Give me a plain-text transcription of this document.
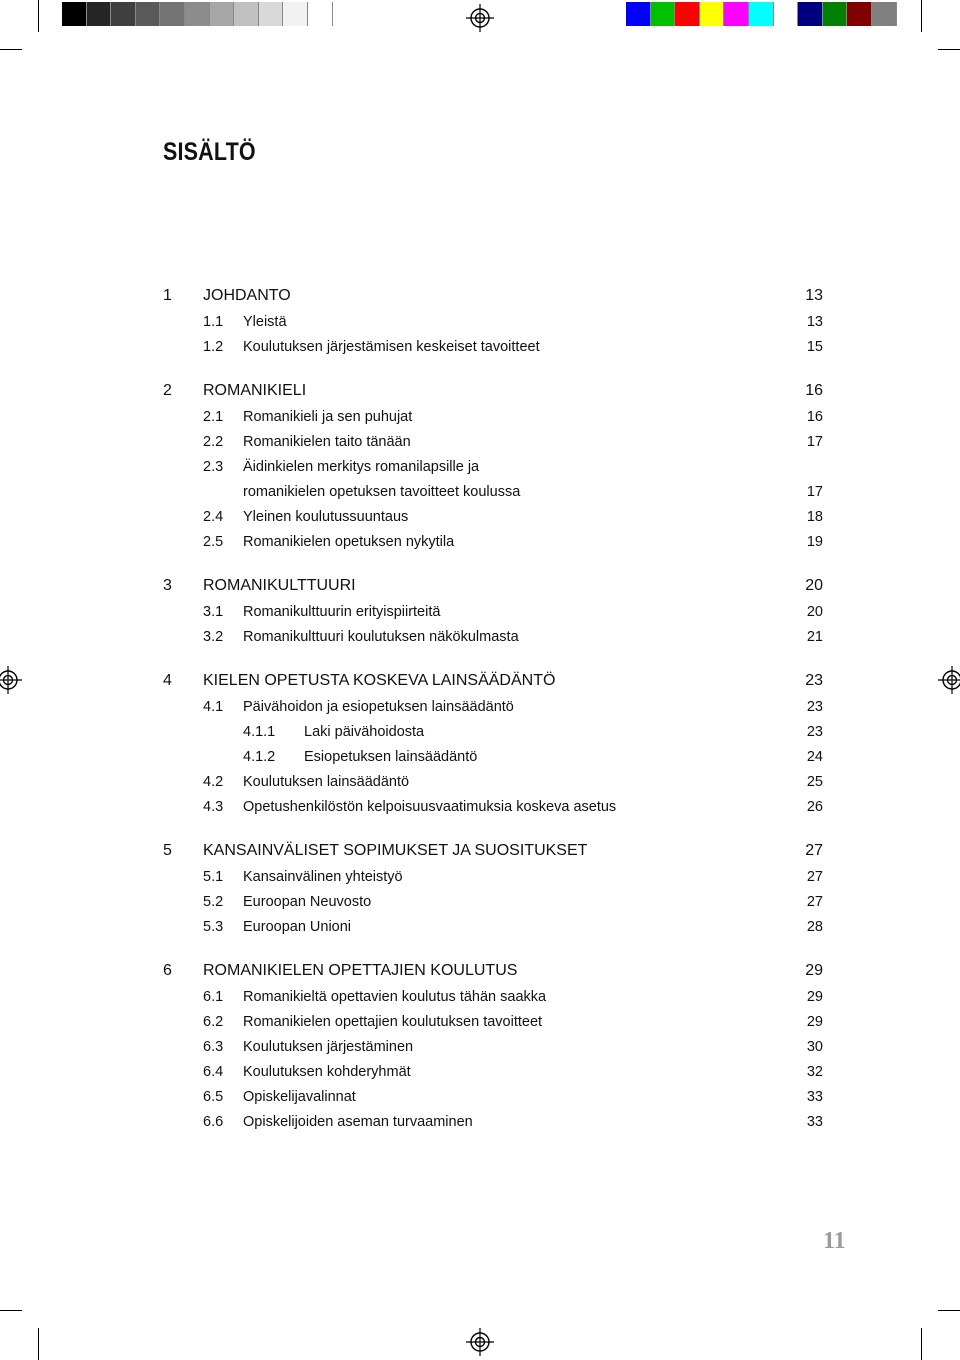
SISÄLTÖ
1 JOHDANTO	13
1.1 Yleistä	13
1.2 Koulutuksen järjestämisen keskeiset tavoitteet	15
2 ROMANIKIELI	16
2.1 Romanikieli ja sen puhujat	16
2.2 Romanikielen taito tänään	17
2.3 Äidinkielen merkitys romanilapsille ja
romanikielen opetuksen tavoitteet koulussa	17
2.4 Yleinen koulutussuuntaus	18
2.5 Romanikielen opetuksen nykytila	19
3 ROMANIKULTTUURI	20
3.1 Romanikulttuurin erityispiirteitä	20
3.2 Romanikulttuuri koulutuksen näkökulmasta	21
4 KIELEN OPETUSTA KOSKEVA LAINSÄÄDÄNTÖ	23
4.1 Päivähoidon ja esiopetuksen lainsäädäntö	23
4.1.1 Laki päivähoidosta	23
4.1.2 Esiopetuksen lainsäädäntö	24
4.2 Koulutuksen lainsäädäntö	25
4.3 Opetushenkilöstön kelpoisuusvaatimuksia koskeva asetus	26
5 KANSAINVÄLISET SOPIMUKSET JA SUOSITUKSET	27
5.1 Kansainvälinen yhteistyö	27
5.2 Euroopan Neuvosto	27
5.3 Euroopan Unioni	28
6 ROMANIKIELEN OPETTAJIEN KOULUTUS	29
6.1 Romanikieltä opettavien koulutus tähän saakka	29
6.2 Romanikielen opettajien koulutuksen tavoitteet	29
6.3 Koulutuksen järjestäminen	30
6.4 Koulutuksen kohderyhmät	32
6.5 Opiskelijavalinnat	33
6.6 Opiskelijoiden aseman turvaaminen	33
11
